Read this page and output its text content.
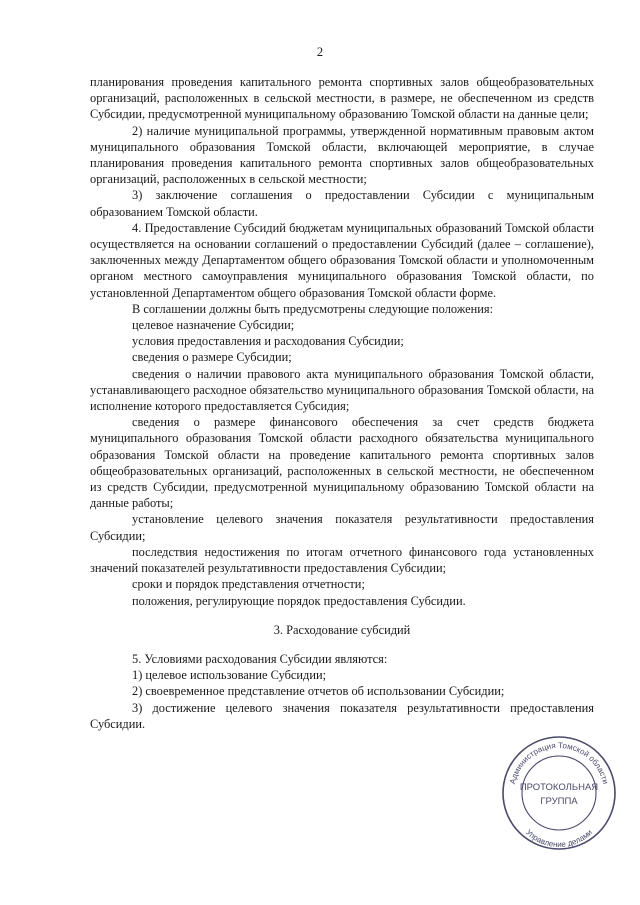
2

планирования проведения капитального ремонта спортивных залов общеобразовательных организаций, расположенных в сельской местности, в размере, не обеспеченном из средств Субсидии, предусмотренной муниципальному образованию Томской области на данные цели;

2) наличие муниципальной программы, утвержденной нормативным правовым актом муниципального образования Томской области, включающей мероприятие, в случае планирования проведения капитального ремонта спортивных залов общеобразовательных организаций, расположенных в сельской местности;

3) заключение соглашения о предоставлении Субсидии с муниципальным образованием Томской области.

4. Предоставление Субсидий бюджетам муниципальных образований Томской области осуществляется на основании соглашений о предоставлении Субсидий (далее – соглашение), заключенных между Департаментом общего образования Томской области и уполномоченным органом местного самоуправления муниципального образования Томской области, по установленной Департаментом общего образования Томской области форме.

В соглашении должны быть предусмотрены следующие положения:

целевое назначение Субсидии;

условия предоставления и расходования Субсидии;

сведения о размере Субсидии;

сведения о наличии правового акта муниципального образования Томской области, устанавливающего расходное обязательство муниципального образования Томской области, на исполнение которого предоставляется Субсидия;

сведения о размере финансового обеспечения за счет средств бюджета муниципального образования Томской области расходного обязательства муниципального образования Томской области на проведение капитального ремонта спортивных залов общеобразовательных организаций, расположенных в сельской местности, не обеспеченном из средств Субсидии, предусмотренной муниципальному образованию Томской области на данные работы;

установление целевого значения показателя результативности предоставления Субсидии;

последствия недостижения по итогам отчетного финансового года установленных значений показателей результативности предоставления Субсидии;

сроки и порядок представления отчетности;

положения, регулирующие порядок предоставления Субсидии.

3. Расходование субсидий

5. Условиями расходования Субсидии являются:

1) целевое использование Субсидии;

2) своевременное представление отчетов об использовании Субсидии;

3) достижение целевого значения показателя результативности предоставления Субсидии.

Администрация Томской области
Управление делами
ПРОТОКОЛЬНАЯ
ГРУППА
